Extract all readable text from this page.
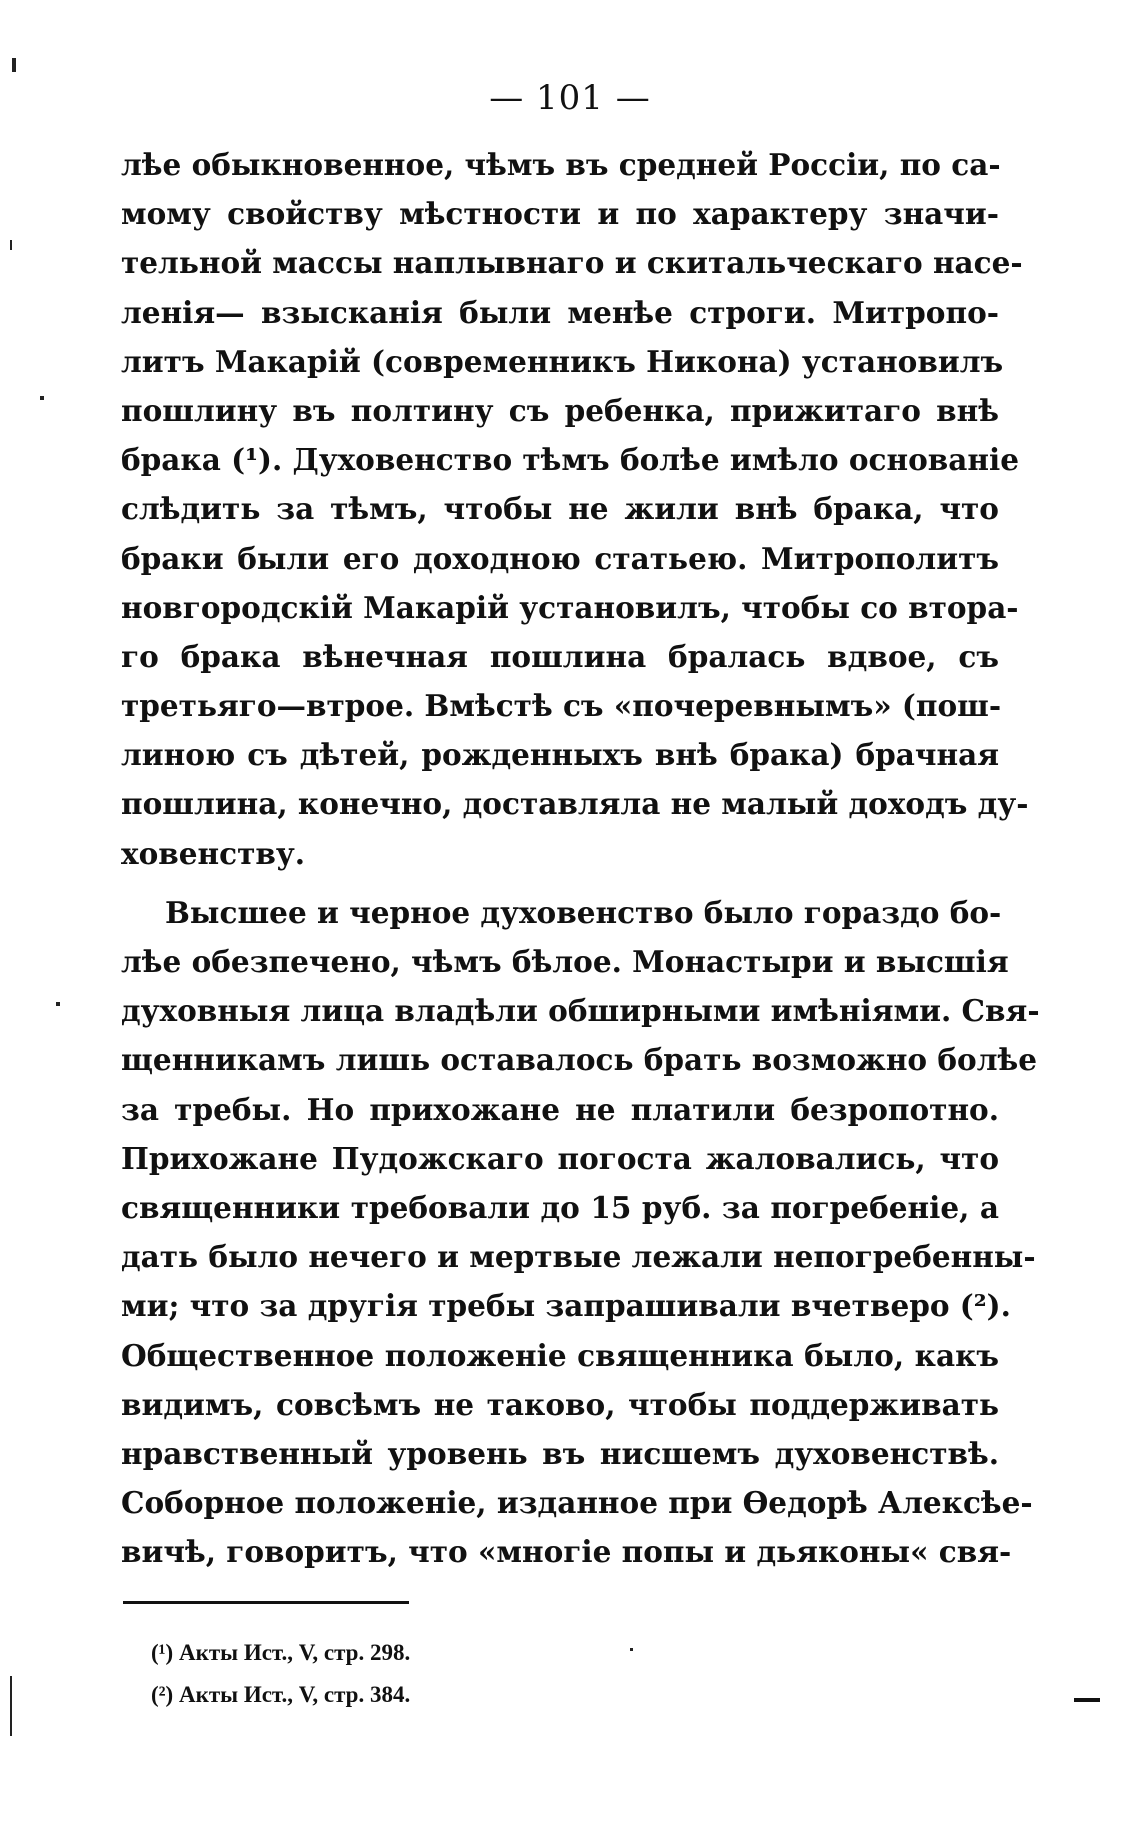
— 101 —
лѣе обыкновенное, чѣмъ въ средней Россіи, по са-
мому свойству мѣстности и по характеру значи-
тельной массы наплывнаго и скитальческаго насе-
ленія— взысканія были менѣе строги. Митропо-
литъ Макарій (современникъ Никона) установилъ
пошлину въ полтину съ ребенка, прижитаго внѣ
брака (¹). Духовенство тѣмъ болѣе имѣло основаніе
слѣдить за тѣмъ, чтобы не жили внѣ брака, что
браки были его доходною статьею. Митрополитъ
новгородскій Макарій установилъ, чтобы со втора-
го брака вѣнечная пошлина бралась вдвое, съ
третьяго—втрое. Вмѣстѣ съ «почеревнымъ» (пош-
линою съ дѣтей, рожденныхъ внѣ брака) брачная
пошлина, конечно, доставляла не малый доходъ ду-
ховенству.
Высшее и черное духовенство было гораздо бо-
лѣе обезпечено, чѣмъ бѣлое. Монастыри и высшія
духовныя лица владѣли обширными имѣніями. Свя-
щенникамъ лишь оставалось брать возможно болѣе
за требы. Но прихожане не платили безропотно.
Прихожане Пудожскаго погоста жаловались, что
священники требовали до 15 руб. за погребеніе, а
дать было нечего и мертвые лежали непогребенны-
ми; что за другія требы запрашивали вчетверо (²).
Общественное положеніе священника было, какъ
видимъ, совсѣмъ не таково, чтобы поддерживать
нравственный уровень въ нисшемъ духовенствѣ.
Соборное положеніе, изданное при Ѳедорѣ Алексѣе-
вичѣ, говоритъ, что «многіе попы и дьяконы« свя-
(¹) Акты Ист., V, стр. 298.
(²) Акты Ист., V, стр. 384.
